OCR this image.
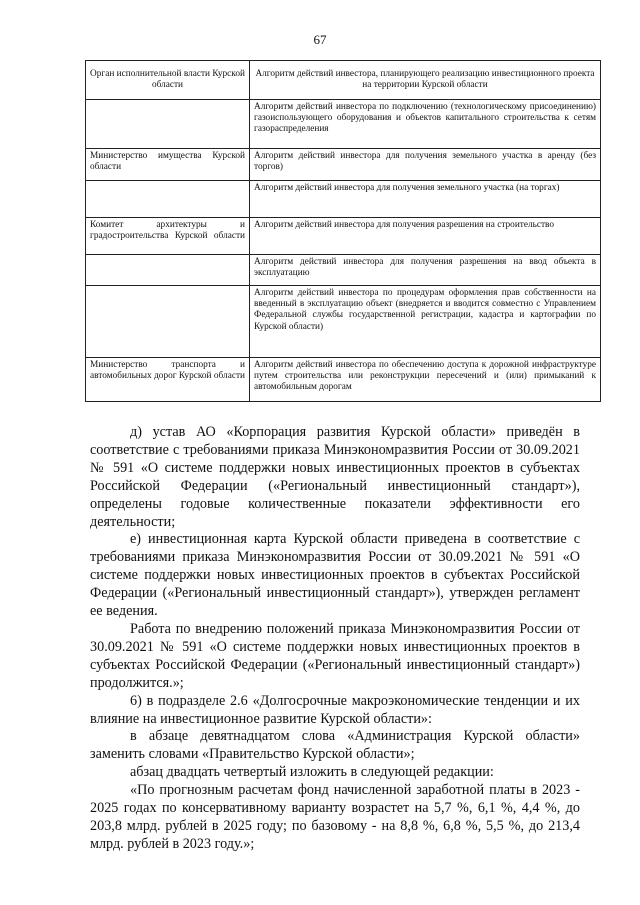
67
Орган исполнительной власти Курской области	Алгоритм действий инвестора, планирующего реализацию инвестиционного проекта на территории Курской области
	Алгоритм действий инвестора по подключению (технологическому присоединению) газоиспользующего оборудования и объектов капитального строительства к сетям газораспределения
Министерство имущества Курской области	Алгоритм действий инвестора для получения земельного участка в аренду (без торгов)
	Алгоритм действий инвестора для получения земельного участка (на торгах)
Комитет архитектуры и градостроительства Курской области	Алгоритм действий инвестора для получения разрешения на строительство
	Алгоритм действий инвестора для получения разрешения на ввод объекта в эксплуатацию
	Алгоритм действий инвестора по процедурам оформления прав собственности на введенный в эксплуатацию объект (внедряется и вводится совместно с Управлением Федеральной службы государственной регистрации, кадастра и картографии по Курской области)
Министерство транспорта и автомобильных дорог Курской области	Алгоритм действий инвестора по обеспечению доступа к дорожной инфраструктуре путем строительства или реконструкции пересечений и (или) примыканий к автомобильным дорогам

д) устав АО «Корпорация развития Курской области» приведён в соответствие с требованиями приказа Минэкономразвития России от 30.09.2021 № 591 «О системе поддержки новых инвестиционных проектов в субъектах Российской Федерации («Региональный инвестиционный стандарт»), определены годовые количественные показатели эффективности его деятельности;

е) инвестиционная карта Курской области приведена в соответствие с требованиями приказа Минэкономразвития России от 30.09.2021 № 591 «О системе поддержки новых инвестиционных проектов в субъектах Российской Федерации («Региональный инвестиционный стандарт»), утвержден регламент ее ведения.

Работа по внедрению положений приказа Минэкономразвития России от 30.09.2021 № 591 «О системе поддержки новых инвестиционных проектов в субъектах Российской Федерации («Региональный инвестиционный стандарт») продолжится.»;

6) в подразделе 2.6 «Долгосрочные макроэкономические тенденции и их влияние на инвестиционное развитие Курской области»:

в абзаце девятнадцатом слова «Администрация Курской области» заменить словами «Правительство Курской области»;

абзац двадцать четвертый изложить в следующей редакции:

«По прогнозным расчетам фонд начисленной заработной платы в 2023 - 2025 годах по консервативному варианту возрастет на 5,7 %, 6,1 %, 4,4 %, до 203,8 млрд. рублей в 2025 году; по базовому - на 8,8 %, 6,8 %, 5,5 %, до 213,4 млрд. рублей в 2023 году.»;
